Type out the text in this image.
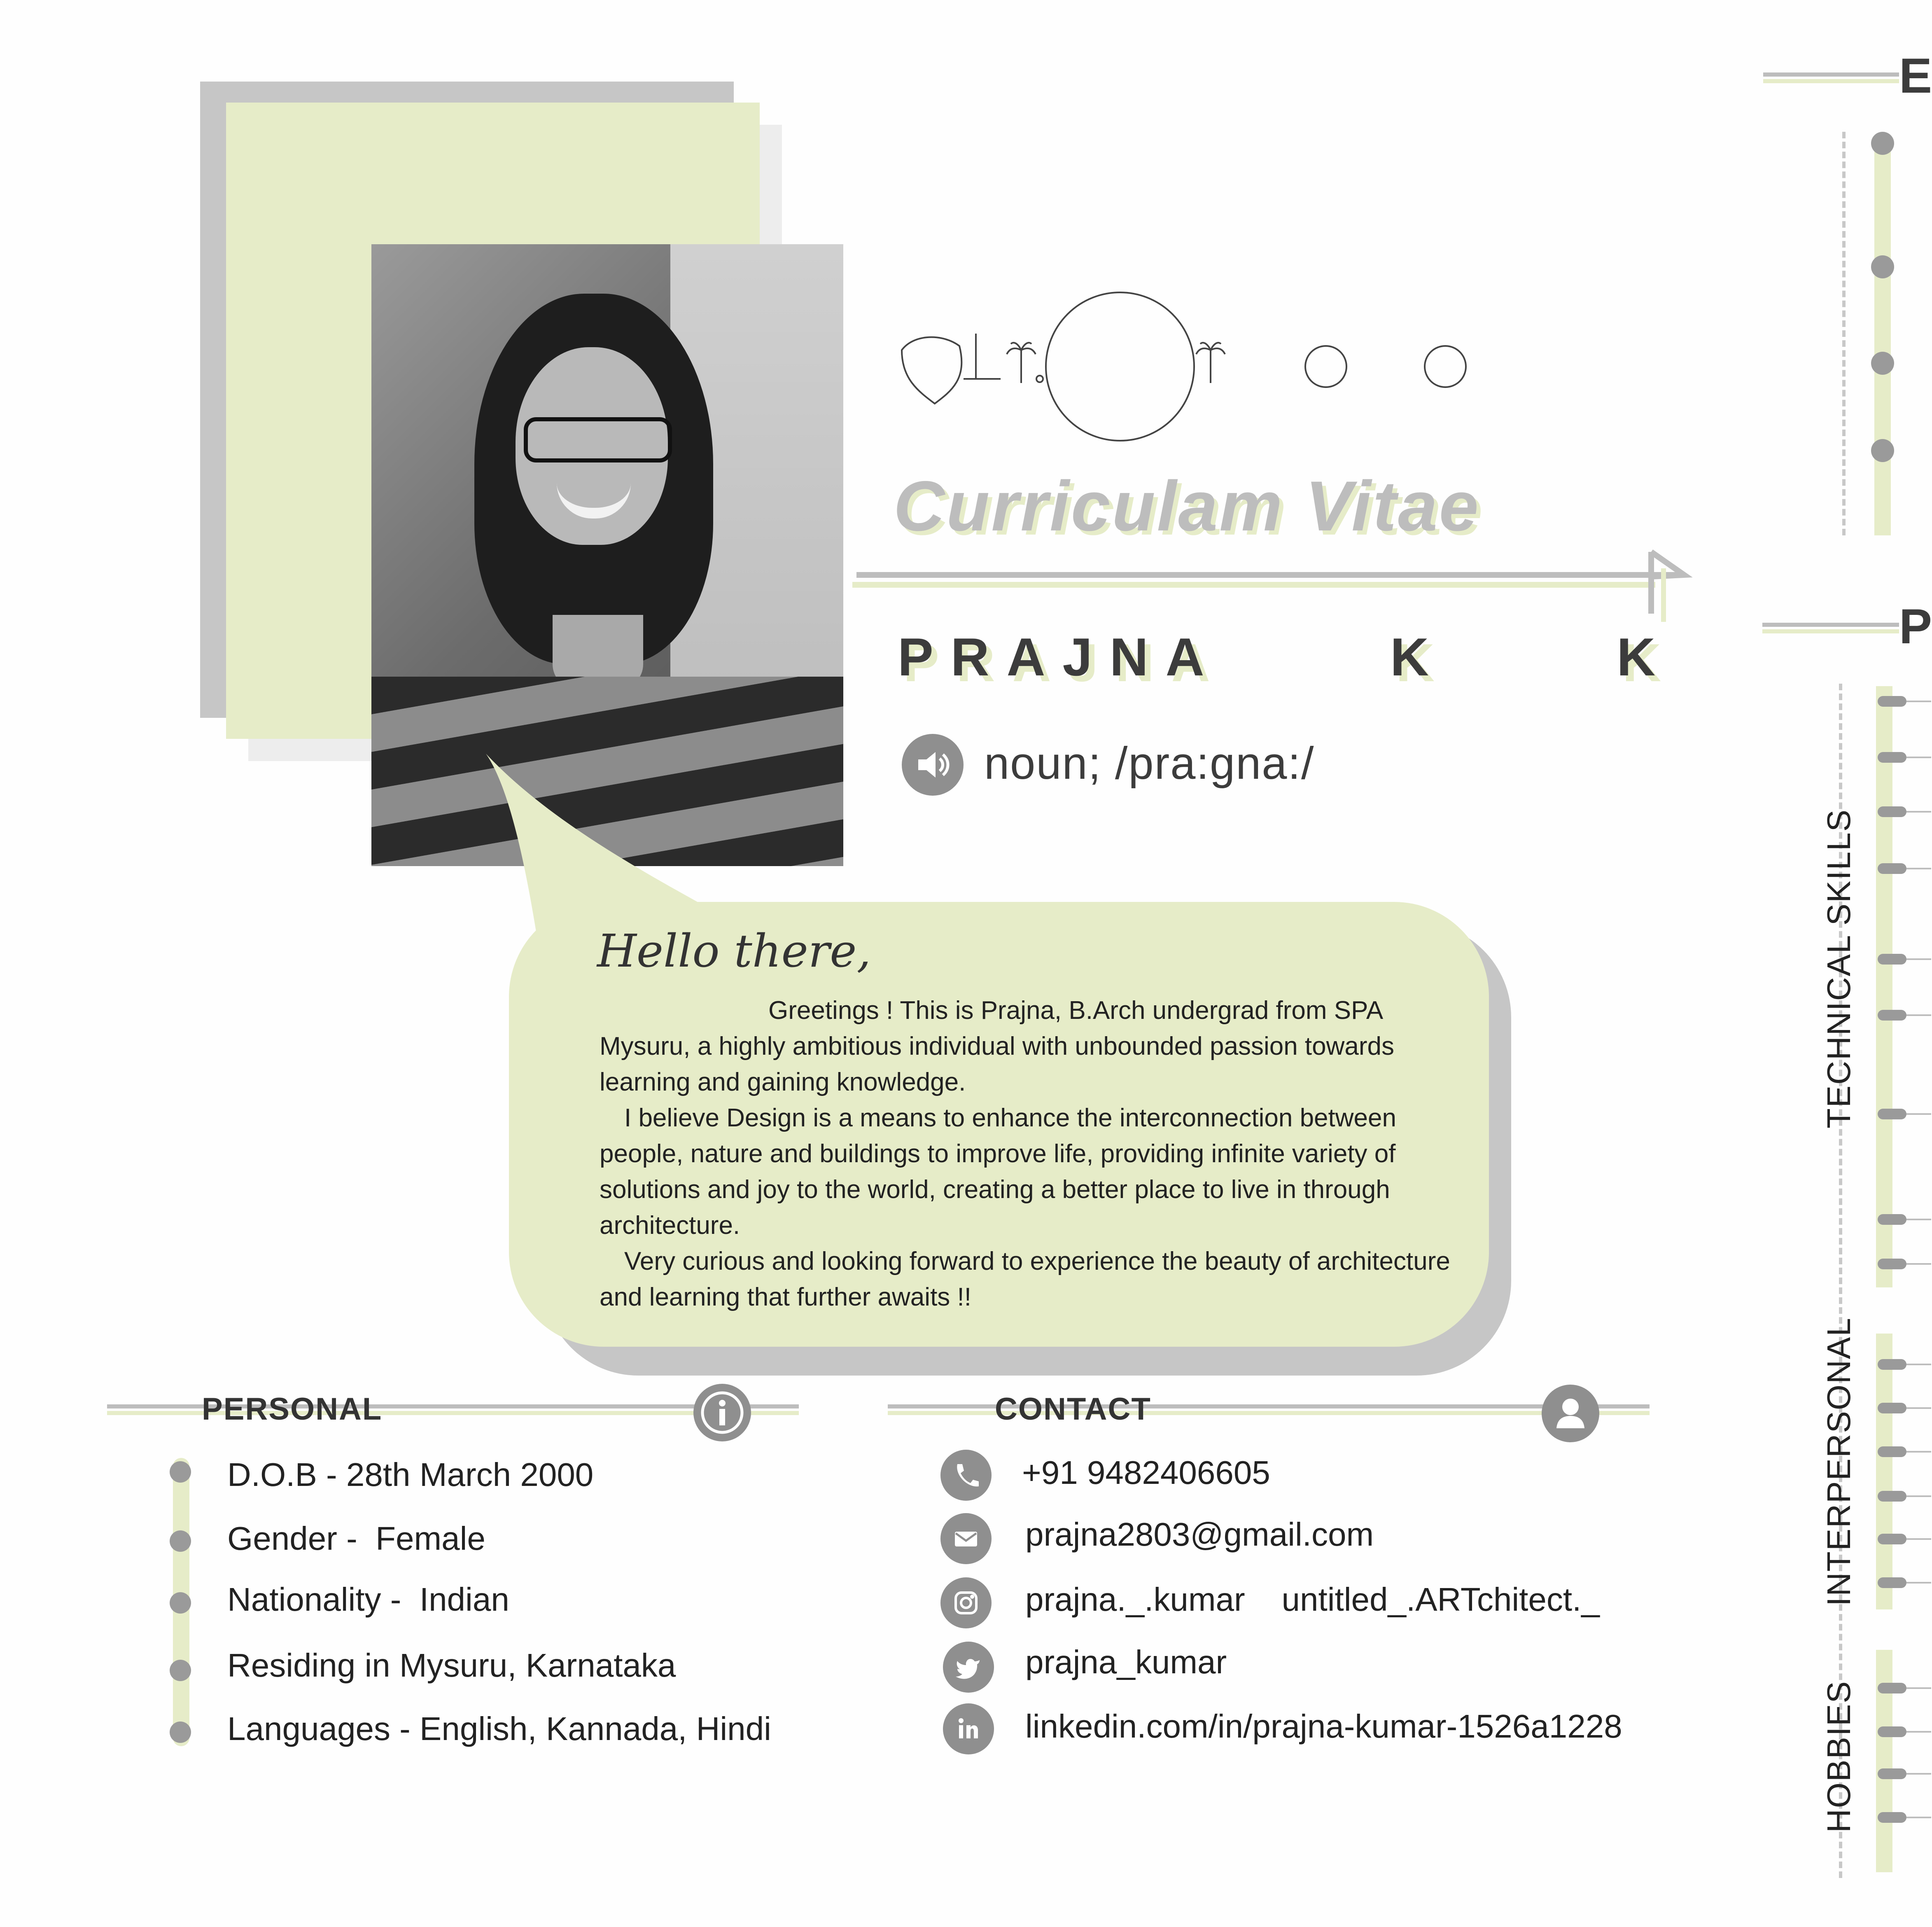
Hello there,

Greetings ! This is Prajna, B.Arch undergrad from SPA Mysuru, a highly ambitious individual with unbounded passion towards learning and gaining knowledge.

I believe Design is a means to enhance the interconnection between people, nature and buildings to improve life, providing infinite variety of solutions and joy to the world, creating a better place to live in through architecture.

Very curious and looking forward to experience the beauty of architecture and learning that further awaits !!

Curriculam Vitae
PRAJNA   K   K
noun; /pra:gna:/
PERSONAL
D.O.B - 28th March 2000
Gender -  Female
Nationality -  Indian
Residing in Mysuru, Karnataka
Languages - English, Kannada, Hindi
CONTACT
+91 9482406605
prajna2803@gmail.com
prajna._.kumar    untitled_.ARTchitect._
prajna_kumar
linkedin.com/in/prajna-kumar-1526a1228
E
P
TECHNICAL SKILLS
INTERPERSONAL
HOBBIES
